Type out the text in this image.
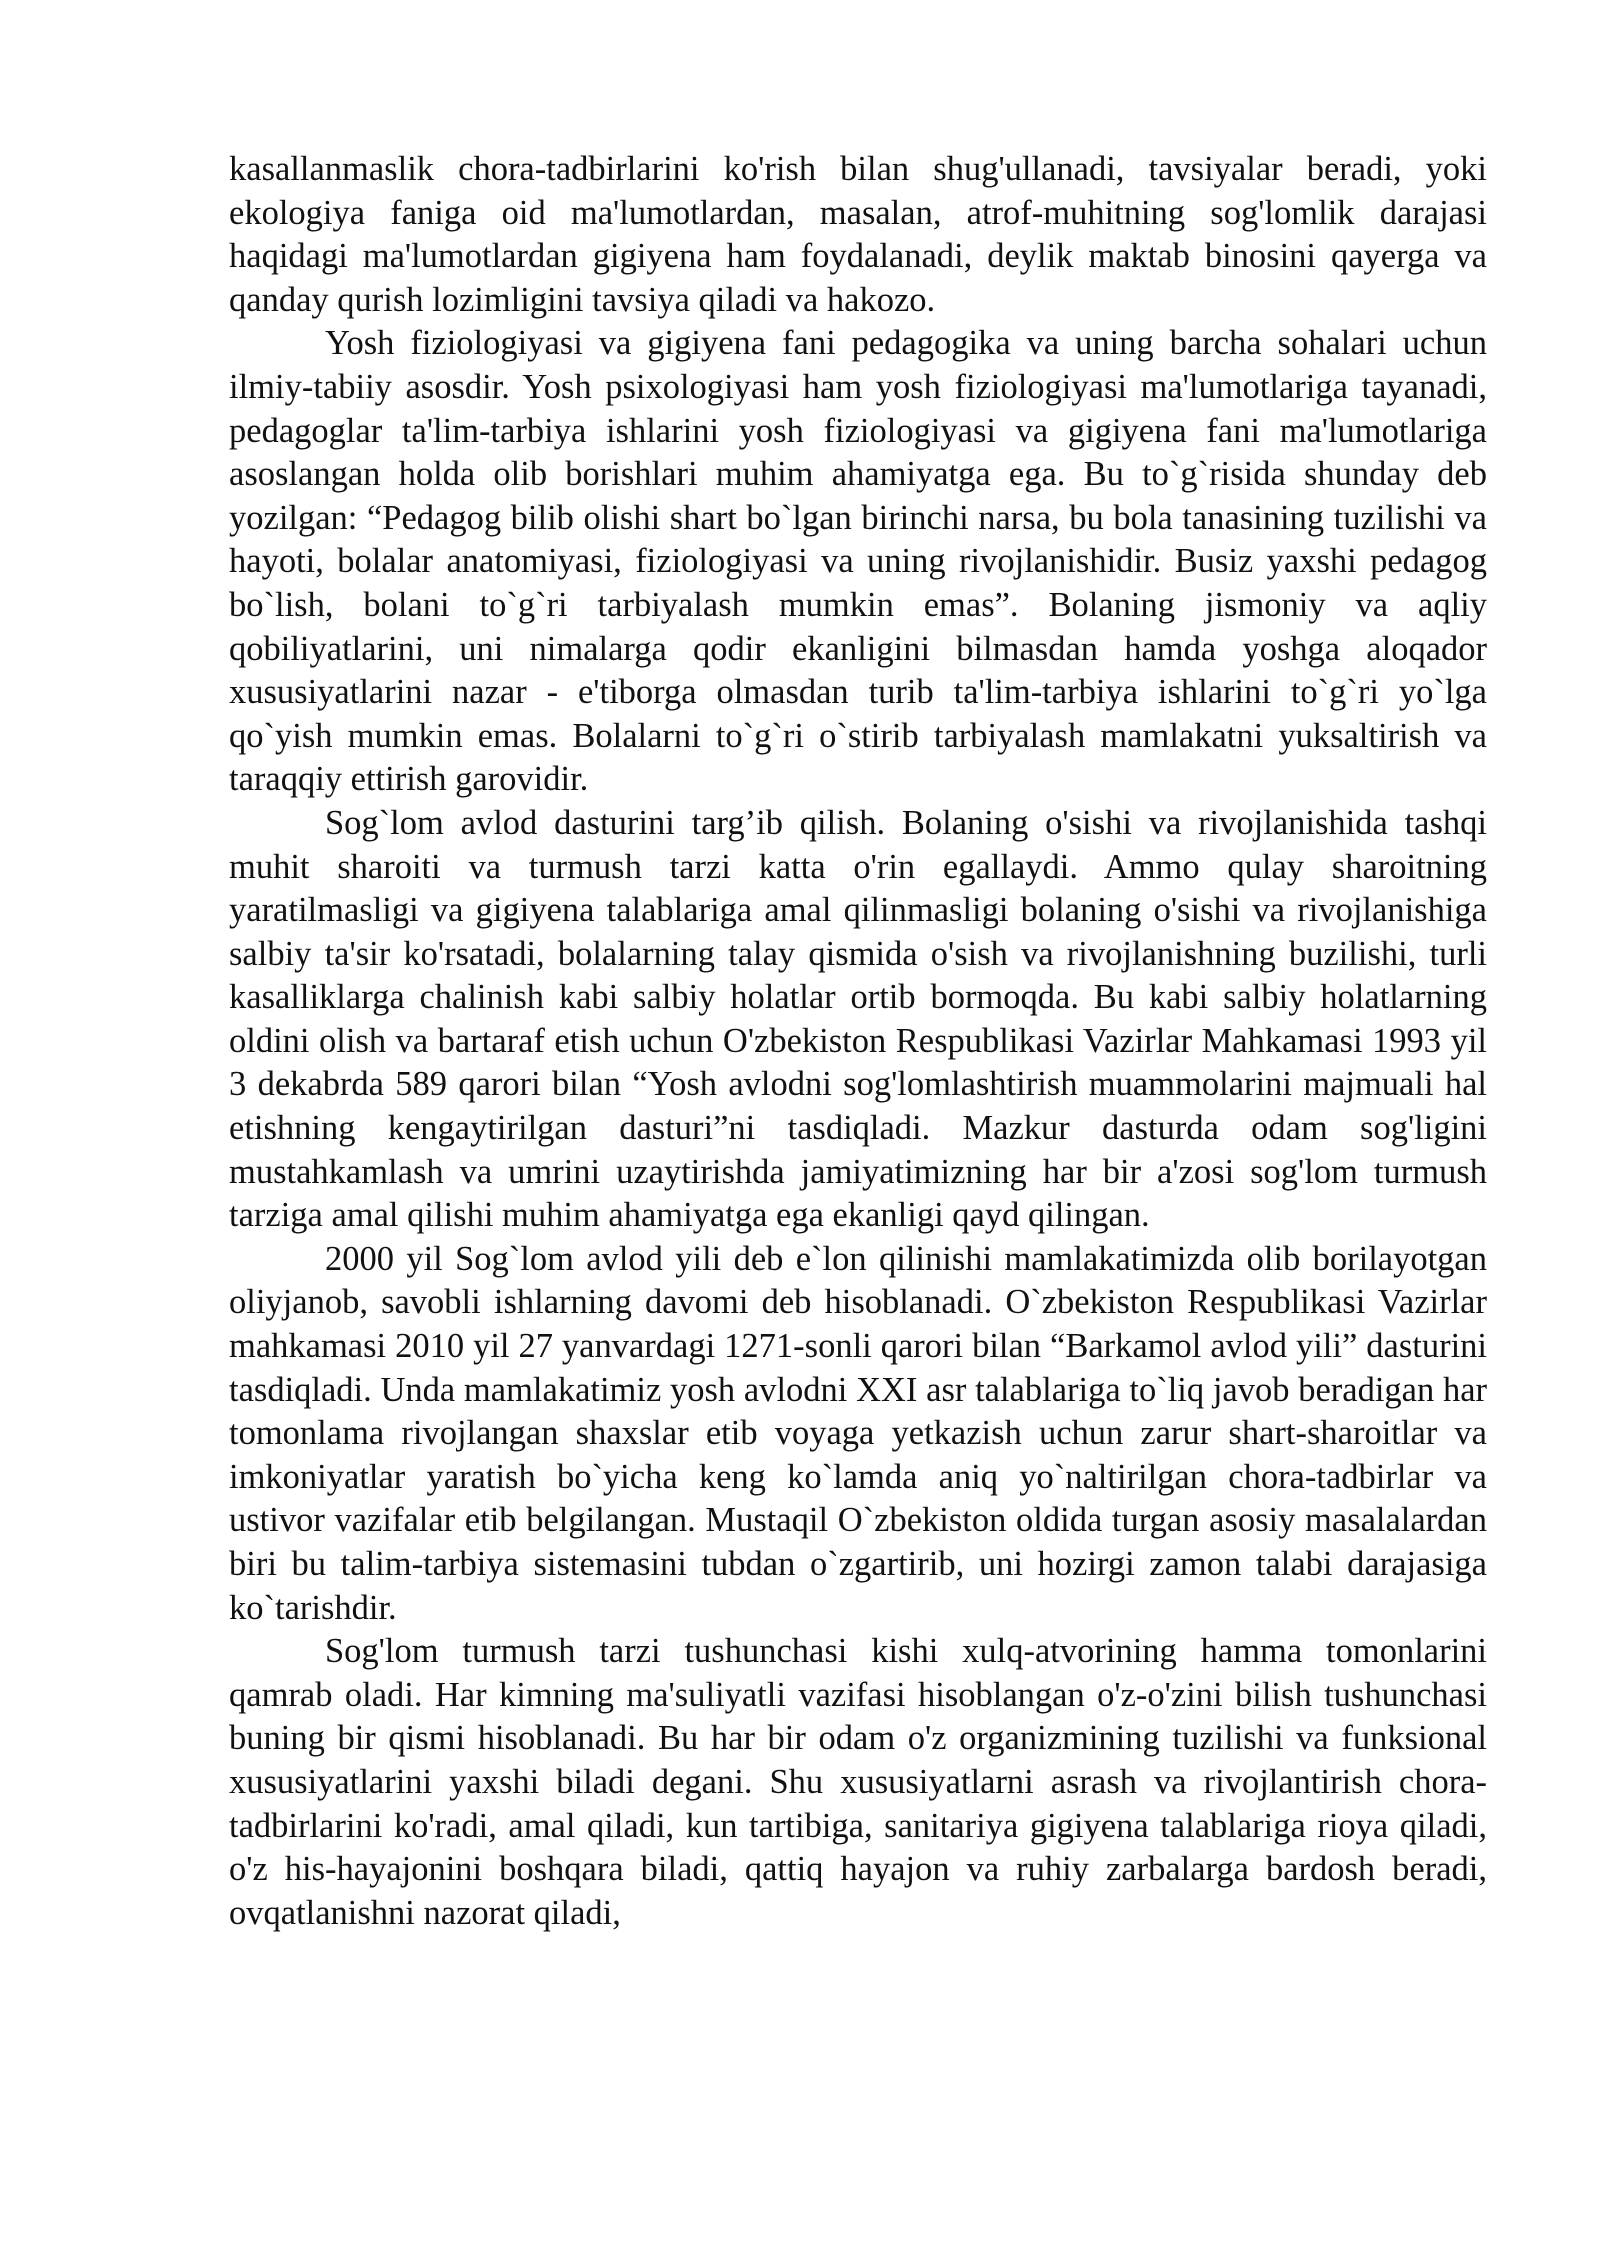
kasallanmaslik chora-tadbirlarini ko'rish bilan shug'ullanadi, tavsiyalar beradi, yoki ekologiya faniga oid ma'lumotlardan, masalan, atrof-muhitning sog'lomlik darajasi haqidagi ma'lumotlardan gigiyena ham foydalanadi, deylik maktab binosini qayerga va qanday qurish lozimligini tavsiya qiladi va hakozo.

Yosh fiziologiyasi va gigiyena fani pedagogika va uning barcha sohalari uchun ilmiy-tabiiy asosdir. Yosh psixologiyasi ham yosh fiziologiyasi ma'lumotlariga tayanadi, pedagoglar ta'lim-tarbiya ishlarini yosh fiziologiyasi va gigiyena fani ma'lumotlariga asoslangan holda olib borishlari muhim ahamiyatga ega. Bu to`g`risida shunday deb yozilgan: “Pedagog bilib olishi shart bo`lgan birinchi narsa, bu bola tanasining tuzilishi va hayoti, bolalar anatomiyasi, fiziologiyasi va uning rivojlanishidir. Busiz yaxshi pedagog bo`lish, bolani to`g`ri tarbiyalash mumkin emas”. Bolaning jismoniy va aqliy qobiliyatlarini, uni nimalarga qodir ekanligini bilmasdan hamda yoshga aloqador xususiyatlarini nazar - e'tiborga olmasdan turib ta'lim-tarbiya ishlarini to`g`ri yo`lga qo`yish mumkin emas. Bolalarni to`g`ri o`stirib tarbiyalash mamlakatni yuksaltirish va taraqqiy ettirish garovidir.

Sog`lom avlod dasturini targ’ib qilish. Bolaning o'sishi va rivojlanishida tashqi muhit sharoiti va turmush tarzi katta o'rin egallaydi. Ammo qulay sharoitning yaratilmasligi va gigiyena talablariga amal qilinmasligi bolaning o'sishi va rivojlanishiga salbiy ta'sir ko'rsatadi, bolalarning talay qismida o'sish va rivojlanishning buzilishi, turli kasalliklarga chalinish kabi salbiy holatlar ortib bormoqda. Bu kabi salbiy holatlarning oldini olish va bartaraf etish uchun O'zbekiston Respublikasi Vazirlar Mahkamasi 1993 yil 3 dekabrda 589 qarori bilan “Yosh avlodni sog'lomlashtirish muammolarini majmuali hal etishning kengaytirilgan dasturi”ni tasdiqladi. Mazkur dasturda odam sog'ligini mustahkamlash va umrini uzaytirishda jamiyatimizning har bir a'zosi sog'lom turmush tarziga amal qilishi muhim ahamiyatga ega ekanligi qayd qilingan.

2000 yil Sog`lom avlod yili deb e`lon qilinishi mamlakatimizda olib borilayotgan oliyjanob, savobli ishlarning davomi deb hisoblanadi. O`zbekiston Respublikasi Vazirlar mahkamasi 2010 yil 27 yanvardagi 1271-sonli qarori bilan “Barkamol avlod yili” dasturini tasdiqladi. Unda mamlakatimiz yosh avlodni XXI asr talablariga to`liq javob beradigan har tomonlama rivojlangan shaxslar etib voyaga yetkazish uchun zarur shart-sharoitlar va imkoniyatlar yaratish bo`yicha keng ko`lamda aniq yo`naltirilgan chora-tadbirlar va ustivor vazifalar etib belgilangan. Mustaqil O`zbekiston oldida turgan asosiy masalalardan biri bu talim-tarbiya sistemasini tubdan o`zgartirib, uni hozirgi zamon talabi darajasiga ko`tarishdir.

Sog'lom turmush tarzi tushunchasi kishi xulq-atvorining hamma tomonlarini qamrab oladi. Har kimning ma'suliyatli vazifasi hisoblangan o'z-o'zini bilish tushunchasi buning bir qismi hisoblanadi. Bu har bir odam o'z organizmining tuzilishi va funksional xususiyatlarini yaxshi biladi degani. Shu xususiyatlarni asrash va rivojlantirish chora-tadbirlarini ko'radi, amal qiladi, kun tartibiga, sanitariya gigiyena talablariga rioya qiladi, o'z his-hayajonini boshqara biladi, qattiq hayajon va ruhiy zarbalarga bardosh beradi, ovqatlanishni nazorat qiladi,
